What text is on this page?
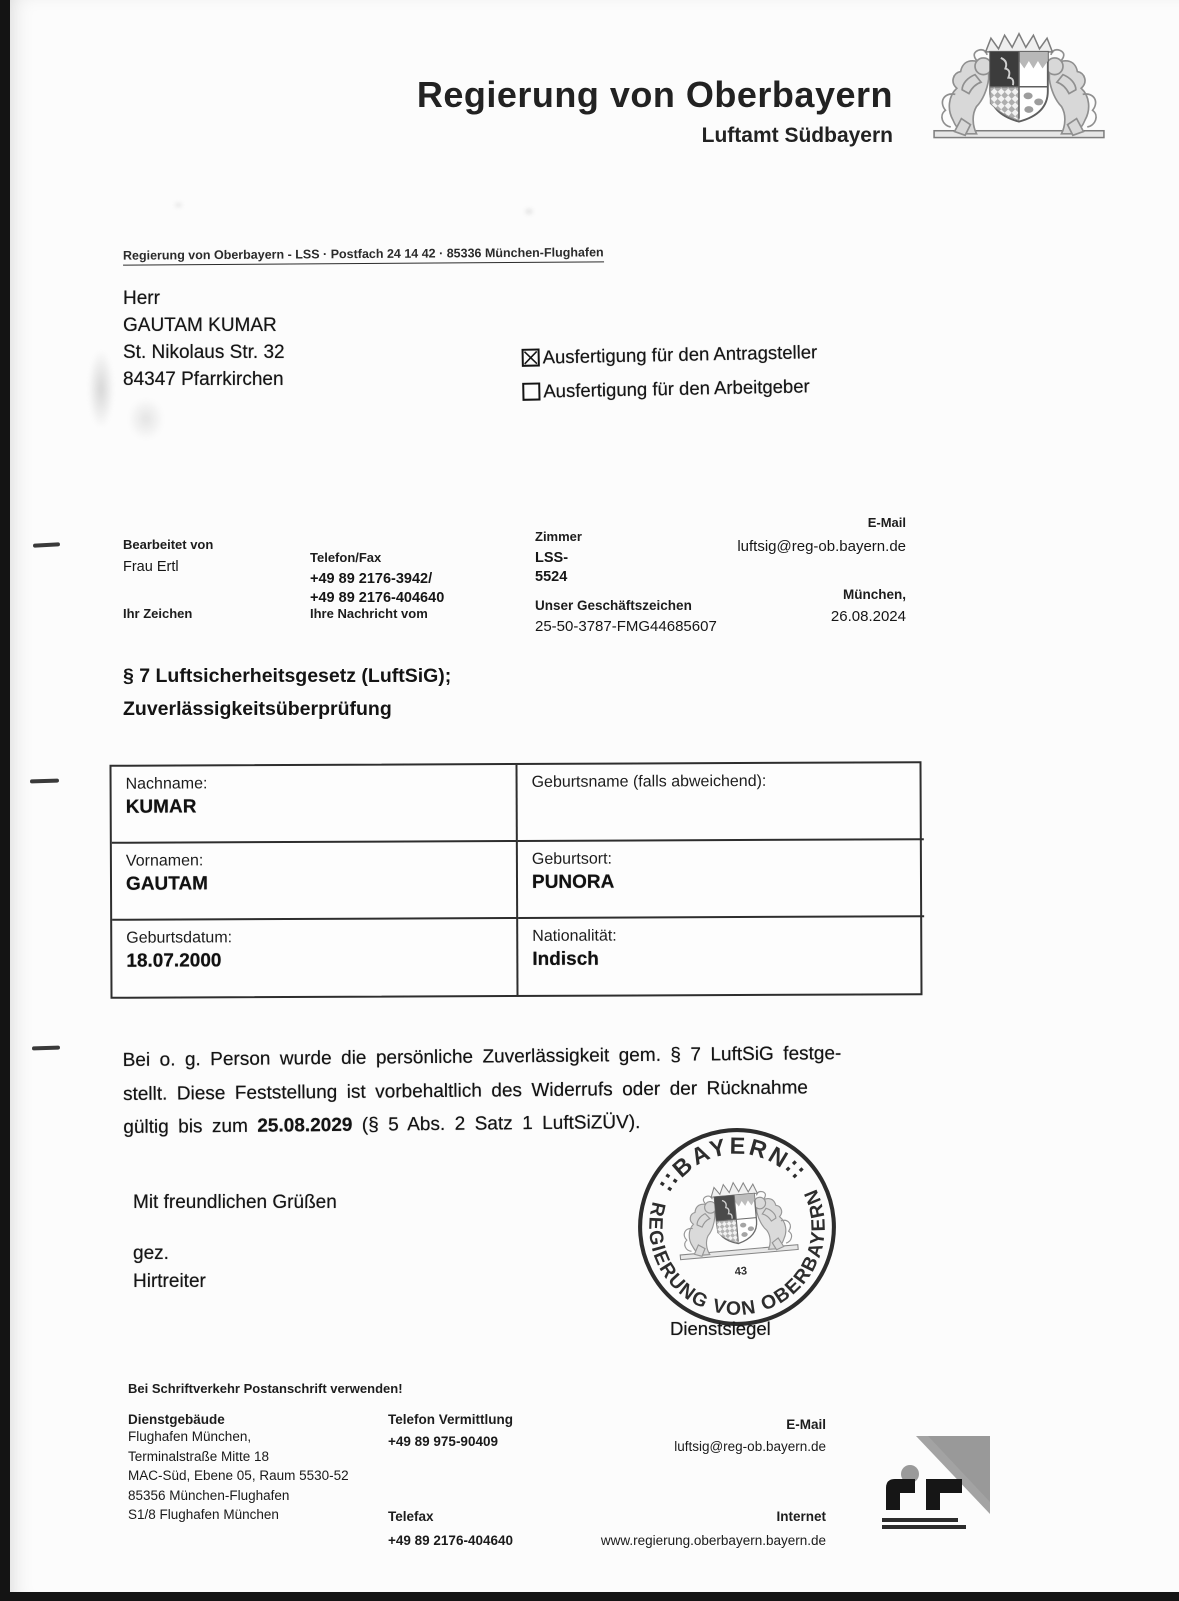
Regierung von Oberbayern
Luftamt Südbayern
Regierung von Oberbayern - LSS · Postfach 24 14 42 · 85336 München-Flughafen
Herr
GAUTAM KUMAR
St. Nikolaus Str. 32
84347 Pfarrkirchen
Ausfertigung für den Antragsteller
Ausfertigung für den Arbeitgeber
Bearbeitet von
Frau Ertl
Telefon/Fax
+49 89 2176-3942/
+49 89 2176-404640
Zimmer
LSS-
5524
E-Mail
luftsig@reg-ob.bayern.de
Ihr Zeichen	Ihre Nachricht vom
Unser Geschäftszeichen
25-50-3787-FMG44685607
München,
26.08.2024
§ 7 Luftsicherheitsgesetz (LuftSiG);
Zuverlässigkeitsüberprüfung
Nachname:
KUMAR
Geburtsname (falls abweichend):
Vornamen:
GAUTAM
Geburtsort:
PUNORA
Geburtsdatum:
18.07.2000
Nationalität:
Indisch
Bei o. g. Person wurde die persönliche Zuverlässigkeit gem. § 7 LuftSiG festge-
stellt. Diese Feststellung ist vorbehaltlich des Widerrufs oder der Rücknahme
gültig bis zum 25.08.2029 (§ 5 Abs. 2 Satz 1 LuftSiZÜV).
Mit freundlichen Grüßen
gez.
Hirtreiter
∷BAYERN∷
REGIERUNG VON OBERBAYERN
43
Dienstsiegel
Bei Schriftverkehr Postanschrift verwenden!
Dienstgebäude
Flughafen München,
Terminalstraße Mitte 18
MAC-Süd, Ebene 05, Raum 5530-52
85356 München-Flughafen
S1/8 Flughafen München
Telefon Vermittlung
+49 89 975-90409
Telefax
+49 89 2176-404640
E-Mail
luftsig@reg-ob.bayern.de
Internet
www.regierung.oberbayern.bayern.de
